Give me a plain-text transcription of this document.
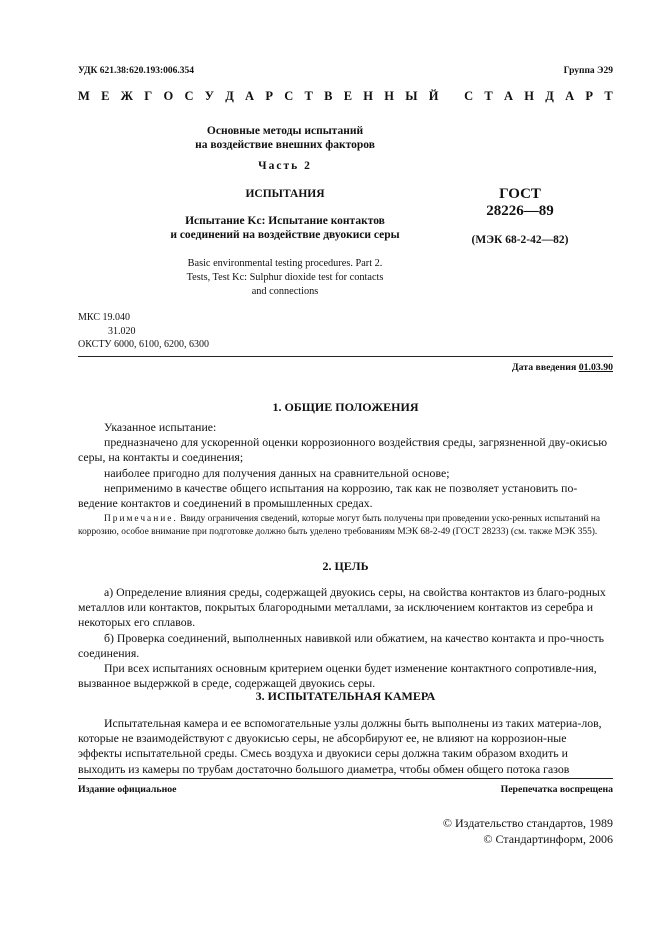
УДК 621.38:620.193:006.354	Группа Э29
М Е Ж Г О С У Д А Р С Т В Е Н Н Ы Й
С Т А Н Д А Р Т
Основные методы испытаний
на воздействие внешних факторов
Часть 2
ИСПЫТАНИЯ
Испытание Kс: Испытание контактов
и соединений на воздействие двуокиси серы
Basic environmental testing procedures. Part 2.
Tests, Test Kc: Sulphur dioxide test for contacts
and connections
ГОСТ
28226—89
(МЭК 68-2-42—82)
МКС 19.040
31.020
ОКСТУ 6000, 6100, 6200, 6300
Дата введения 01.03.90
1. ОБЩИЕ ПОЛОЖЕНИЯ

Указанное испытание:

предназначено для ускоренной оценки коррозионного воздействия среды, загрязненной дву-окисью серы, на контакты и соединения;

наиболее пригодно для получения данных на сравнительной основе;

неприменимо в качестве общего испытания на коррозию, так как не позволяет установить по-ведение контактов и соединений в промышленных средах.

Примечание. Ввиду ограничения сведений, которые могут быть получены при проведении уско-ренных испытаний на коррозию, особое внимание при подготовке должно быть уделено требованиям МЭК 68-2-49 (ГОСТ 28233) (см. также МЭК 355).
2. ЦЕЛЬ

а) Определение влияния среды, содержащей двуокись серы, на свойства контактов из благо-родных металлов или контактов, покрытых благородными металлами, за исключением контактов из серебра и некоторых его сплавов.

б) Проверка соединений, выполненных навивкой или обжатием, на качество контакта и про-чность соединения.

При всех испытаниях основным критерием оценки будет изменение контактного сопротивле-ния, вызванное выдержкой в среде, содержащей двуокись серы.

3. ИСПЫТАТЕЛЬНАЯ КАМЕРА

Испытательная камера и ее вспомогательные узлы должны быть выполнены из таких материа-лов, которые не взаимодействуют с двуокисью серы, не абсорбируют ее, не влияют на коррозион-ные эффекты испытательной среды. Смесь воздуха и двуокиси серы должна таким образом входить и выходить из камеры по трубам достаточно большого диаметра, чтобы обмен общего потока газов

Издание официальное	Перепечатка воспрещена
© Издательство стандартов, 1989
© Стандартинформ, 2006
